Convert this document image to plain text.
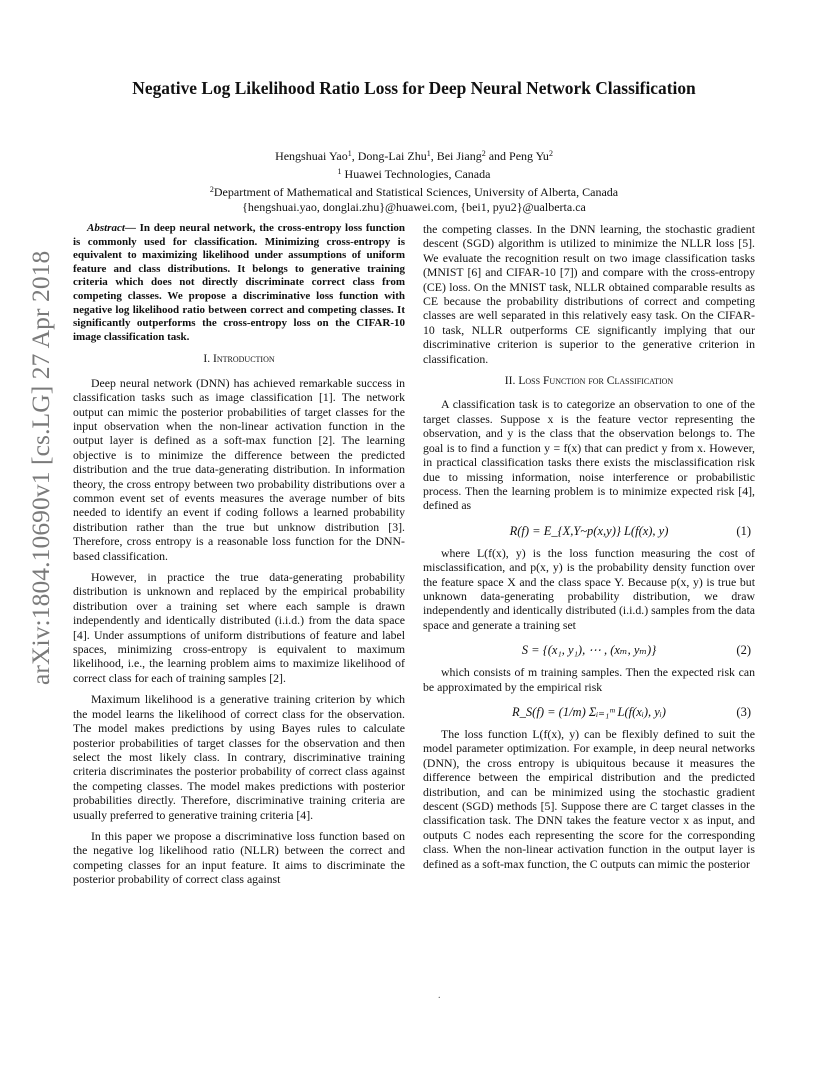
arXiv:1804.10690v1 [cs.LG] 27 Apr 2018
Negative Log Likelihood Ratio Loss for Deep Neural Network Classification
Hengshuai Yao$^1$, Dong-Lai Zhu$^1$, Bei Jiang$^2$ and Peng Yu$^2$
$^1$ Huawei Technologies, Canada
$^2$Department of Mathematical and Statistical Sciences, University of Alberta, Canada
{hengshuai.yao, donglai.zhu}@huawei.com, {bei1, pyu2}@ualberta.ca

Abstract— In deep neural network, the cross-entropy loss function is commonly used for classification. Minimizing cross-entropy is equivalent to maximizing likelihood under assumptions of uniform feature and class distributions. It belongs to generative training criteria which does not directly discriminate correct class from competing classes. We propose a discriminative loss function with negative log likelihood ratio between correct and competing classes. It significantly outperforms the cross-entropy loss on the CIFAR-10 image classification task.

I. Introduction

Deep neural network (DNN) has achieved remarkable success in classification tasks such as image classification [1]. The network output can mimic the posterior probabilities of target classes for the input observation when the non-linear activation function in the output layer is defined as a soft-max function [2]. The learning objective is to minimize the difference between the predicted distribution and the true data-generating distribution. In information theory, the cross entropy between two probability distributions over a common event set of events measures the average number of bits needed to identify an event if coding follows a learned probability distribution rather than the true but unknow distribution [3]. Therefore, cross entropy is a reasonable loss function for the DNN-based classification.

However, in practice the true data-generating probability distribution is unknown and replaced by the empirical probability distribution over a training set where each sample is drawn independently and identically distributed (i.i.d.) from the data space [4]. Under assumptions of uniform distributions of feature and label spaces, minimizing cross-entropy is equivalent to maximum likelihood, i.e., the learning problem aims to maximize likelihood of correct class for each of training samples [2].

Maximum likelihood is a generative training criterion by which the model learns the likelihood of correct class for the observation. The model makes predictions by using Bayes rules to calculate posterior probabilities of target classes for the observation and then select the most likely class. In contrary, discriminative training criteria discriminates the posterior probability of correct class against the competing classes. The model makes predictions with posterior probabilities directly. Therefore, discriminative training criteria are usually preferred to generative training criteria [4].

In this paper we propose a discriminative loss function based on the negative log likelihood ratio (NLLR) between the correct and competing classes for an input feature. It aims to discriminate the posterior probability of correct class against

the competing classes. In the DNN learning, the stochastic gradient descent (SGD) algorithm is utilized to minimize the NLLR loss [5]. We evaluate the recognition result on two image classification tasks (MNIST [6] and CIFAR-10 [7]) and compare with the cross-entropy (CE) loss. On the MNIST task, NLLR obtained comparable results as CE because the probability distributions of correct and competing classes are well separated in this relatively easy task. On the CIFAR-10 task, NLLR outperforms CE significantly implying that our discriminative criterion is superior to the generative criterion in classification.

II. Loss Function for Classification

A classification task is to categorize an observation to one of the target classes. Suppose x is the feature vector representing the observation, and y is the class that the observation belongs to. The goal is to find a function y = f(x) that can predict y from x. However, in practical classification tasks there exists the misclassification risk due to missing information, noise interference or probabilistic process. Then the learning problem is to minimize expected risk [4], defined as

R(f) = E_{X,Y~p(x,y)} L(f(x), y)	(1)

where L(f(x), y) is the loss function measuring the cost of misclassification, and p(x, y) is the probability density function over the feature space X and the class space Y. Because p(x, y) is true but unknown data-generating probability distribution, we draw independently and identically distributed (i.i.d.) samples from the data space and generate a training set

S = {(x₁, y₁), ⋯ , (xₘ, yₘ)}	(2)

which consists of m training samples. Then the expected risk can be approximated by the empirical risk

R_S(f) = (1/m) Σᵢ₌₁ᵐ L(f(xᵢ), yᵢ)	(3)

The loss function L(f(x), y) can be flexibly defined to suit the model parameter optimization. For example, in deep neural networks (DNN), the cross entropy is ubiquitous because it measures the difference between the empirical distribution and the predicted distribution, and can be minimized using the stochastic gradient descent (SGD) methods [5]. Suppose there are C target classes in the classification task. The DNN takes the feature vector x as input, and outputs C nodes each representing the score for the corresponding class. When the non-linear activation function in the output layer is defined as a soft-max function, the C outputs can mimic the posterior

.
